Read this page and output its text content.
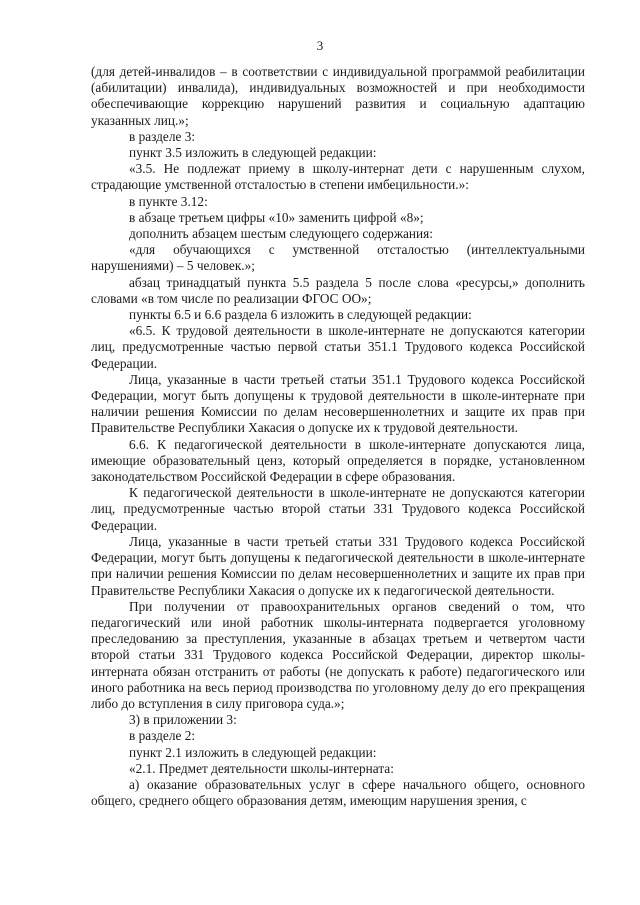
3

(для детей-инвалидов – в соответствии с индивидуальной программой реабилитации (абилитации) инвалида), индивидуальных возможностей и при необходимости обеспечивающие коррекцию нарушений развития и социальную адаптацию указанных лиц.»;

в разделе 3:

пункт 3.5 изложить в следующей редакции:

«3.5. Не подлежат приему в школу-интернат дети с нарушенным слухом, страдающие умственной отсталостью в степени имбецильности.»:

в пункте 3.12:

в абзаце третьем цифры «10» заменить цифрой «8»;

дополнить абзацем шестым следующего содержания:

«для обучающихся с умственной отсталостью (интеллектуальными нарушениями) – 5 человек.»;

абзац тринадцатый пункта 5.5 раздела 5 после слова «ресурсы,» дополнить словами «в том числе по реализации ФГОС ОО»;

пункты 6.5 и 6.6 раздела 6 изложить в следующей редакции:

«6.5. К трудовой деятельности в школе-интернате не допускаются категории лиц, предусмотренные частью первой статьи 351.1 Трудового кодекса Российской Федерации.

Лица, указанные в части третьей статьи 351.1 Трудового кодекса Российской Федерации, могут быть допущены к трудовой деятельности в школе-интернате при наличии решения Комиссии по делам несовершеннолетних и защите их прав при Правительстве Республики Хакасия о допуске их к трудовой деятельности.

6.6. К педагогической деятельности в школе-интернате допускаются лица, имеющие образовательный ценз, который определяется в порядке, установленном законодательством Российской Федерации в сфере образования.

К педагогической деятельности в школе-интернате не допускаются категории лиц, предусмотренные частью второй статьи 331 Трудового кодекса Российской Федерации.

Лица, указанные в части третьей статьи 331 Трудового кодекса Российской Федерации, могут быть допущены к педагогической деятельности в школе-интернате при наличии решения Комиссии по делам несовершеннолетних и защите их прав при Правительстве Республики Хакасия о допуске их к педагогической деятельности.

При получении от правоохранительных органов сведений о том, что педагогический или иной работник школы-интерната подвергается уголовному преследованию за преступления, указанные в абзацах третьем и четвертом части второй статьи 331 Трудового кодекса Российской Федерации, директор школы-интерната обязан отстранить от работы (не допускать к работе) педагогического или иного работника на весь период производства по уголовному делу до его прекращения либо до вступления в силу приговора суда.»;

3) в приложении 3:

в разделе 2:

пункт 2.1 изложить в следующей редакции:

«2.1. Предмет деятельности школы-интерната:

а) оказание образовательных услуг в сфере начального общего, основного общего, среднего общего образования детям, имеющим нарушения зрения, с
